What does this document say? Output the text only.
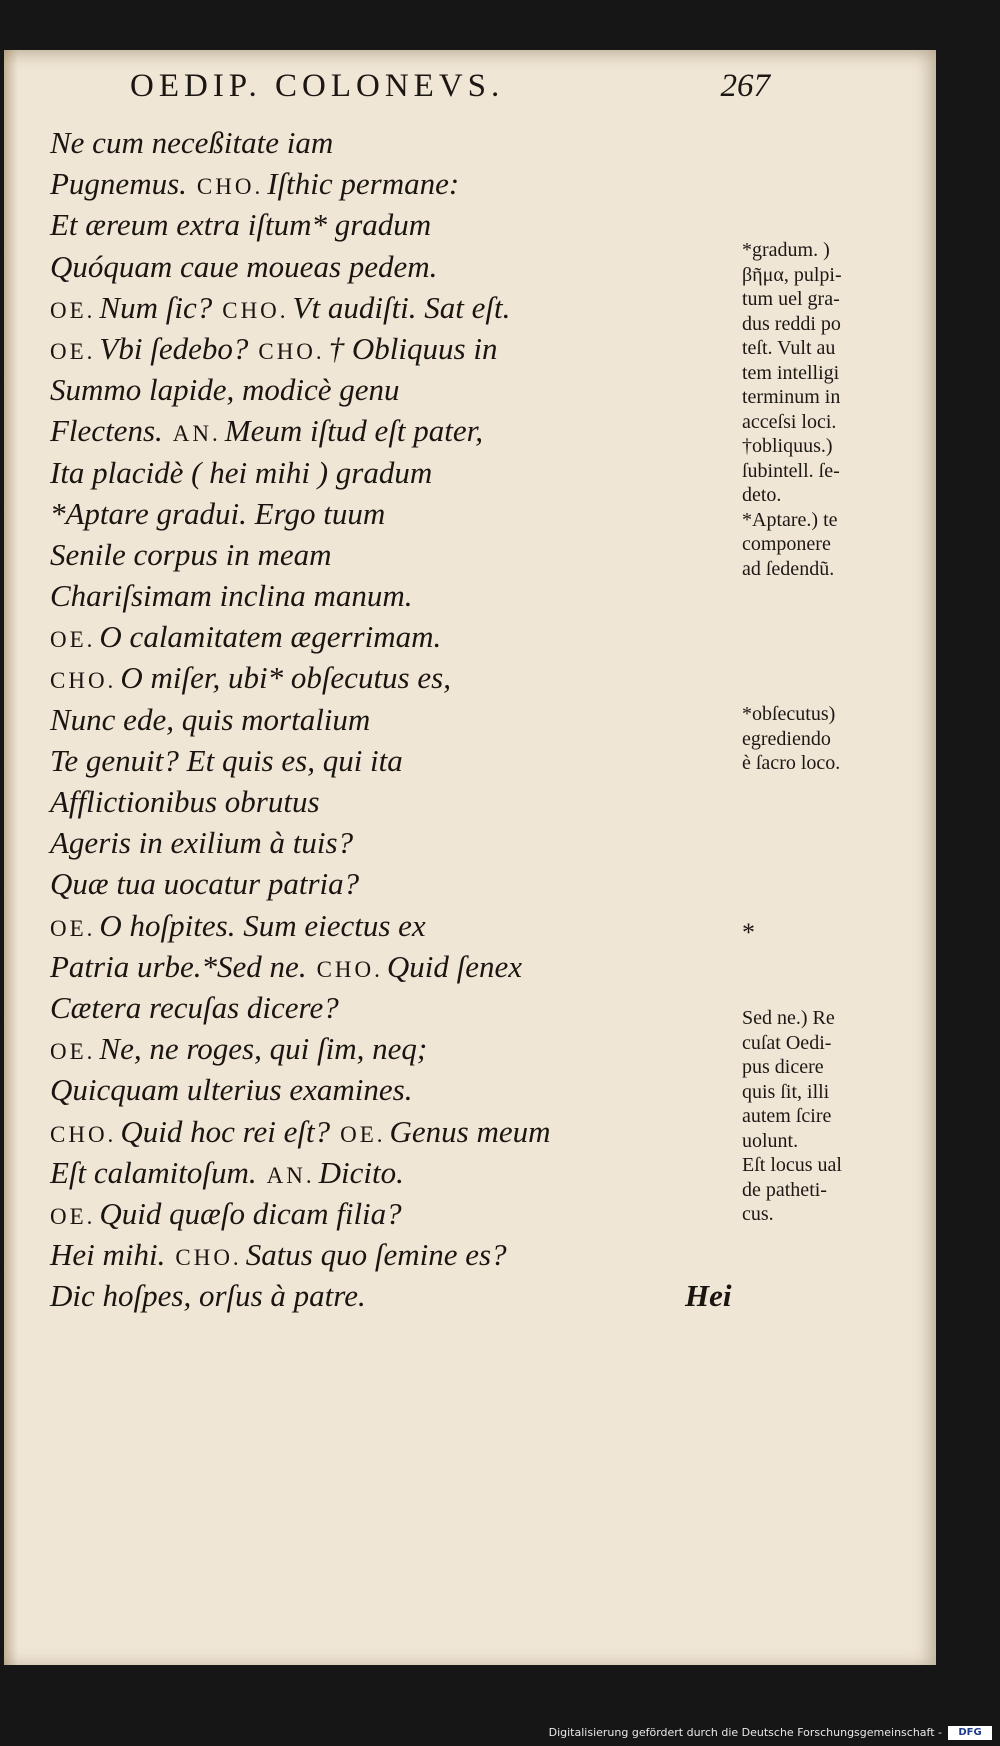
OEDIP. COLONEVS.	267
Ne cum neceßitate iam
Pugnemus. CHO. Iſthic permane:
Et æreum extra iſtum* gradum
Quóquam caue moueas pedem.
OE. Num ſic? CHO. Vt audiſti. Sat eſt.
OE. Vbi ſedebo? CHO. † Obliquus in
Summo lapide, modicè genu
Flectens. AN. Meum iſtud eſt pater,
Ita placidè ( hei mihi ) gradum
*Aptare gradui. Ergo tuum
Senile corpus in meam
Chariſsimam inclina manum.
OE. O calamitatem ægerrimam.
CHO. O miſer, ubi* obſecutus es,
Nunc ede, quis mortalium
Te genuit? Et quis es, qui ita
Afflictionibus obrutus
Ageris in exilium à tuis?
Quæ tua uocatur patria?
OE. O hoſpites. Sum eiectus ex
Patria urbe.*Sed ne. CHO. Quid ſenex
Cætera recuſas dicere?
OE. Ne, ne roges, qui ſim, neq;
Quicquam ulterius examines.
CHO. Quid hoc rei eſt? OE. Genus meum
Eſt calamitoſum. AN. Dicito.
OE. Quid quæſo dicam filia?
Hei mihi. CHO. Satus quo ſemine es?
Dic hoſpes, orſus à patre.
*gradum. )
βῆμα, pulpi-
tum uel gra-
dus reddi po
teſt. Vult au
tem intelligi
terminum in
acceſsi loci.
†obliquus.)
ſubintell. ſe-
deto.
*Aptare.) te
componere
ad ſedendũ.
*obſecutus)
egrediendo
è ſacro loco.
*
Sed ne.) Re
cuſat Oedi-
pus dicere
quis ſit, illi
autem ſcire
uolunt.
Eſt locus ual
de patheti-
cus.
Hei
Digitalisierung gefördert durch die Deutsche Forschungsgemeinschaft -	DFG
